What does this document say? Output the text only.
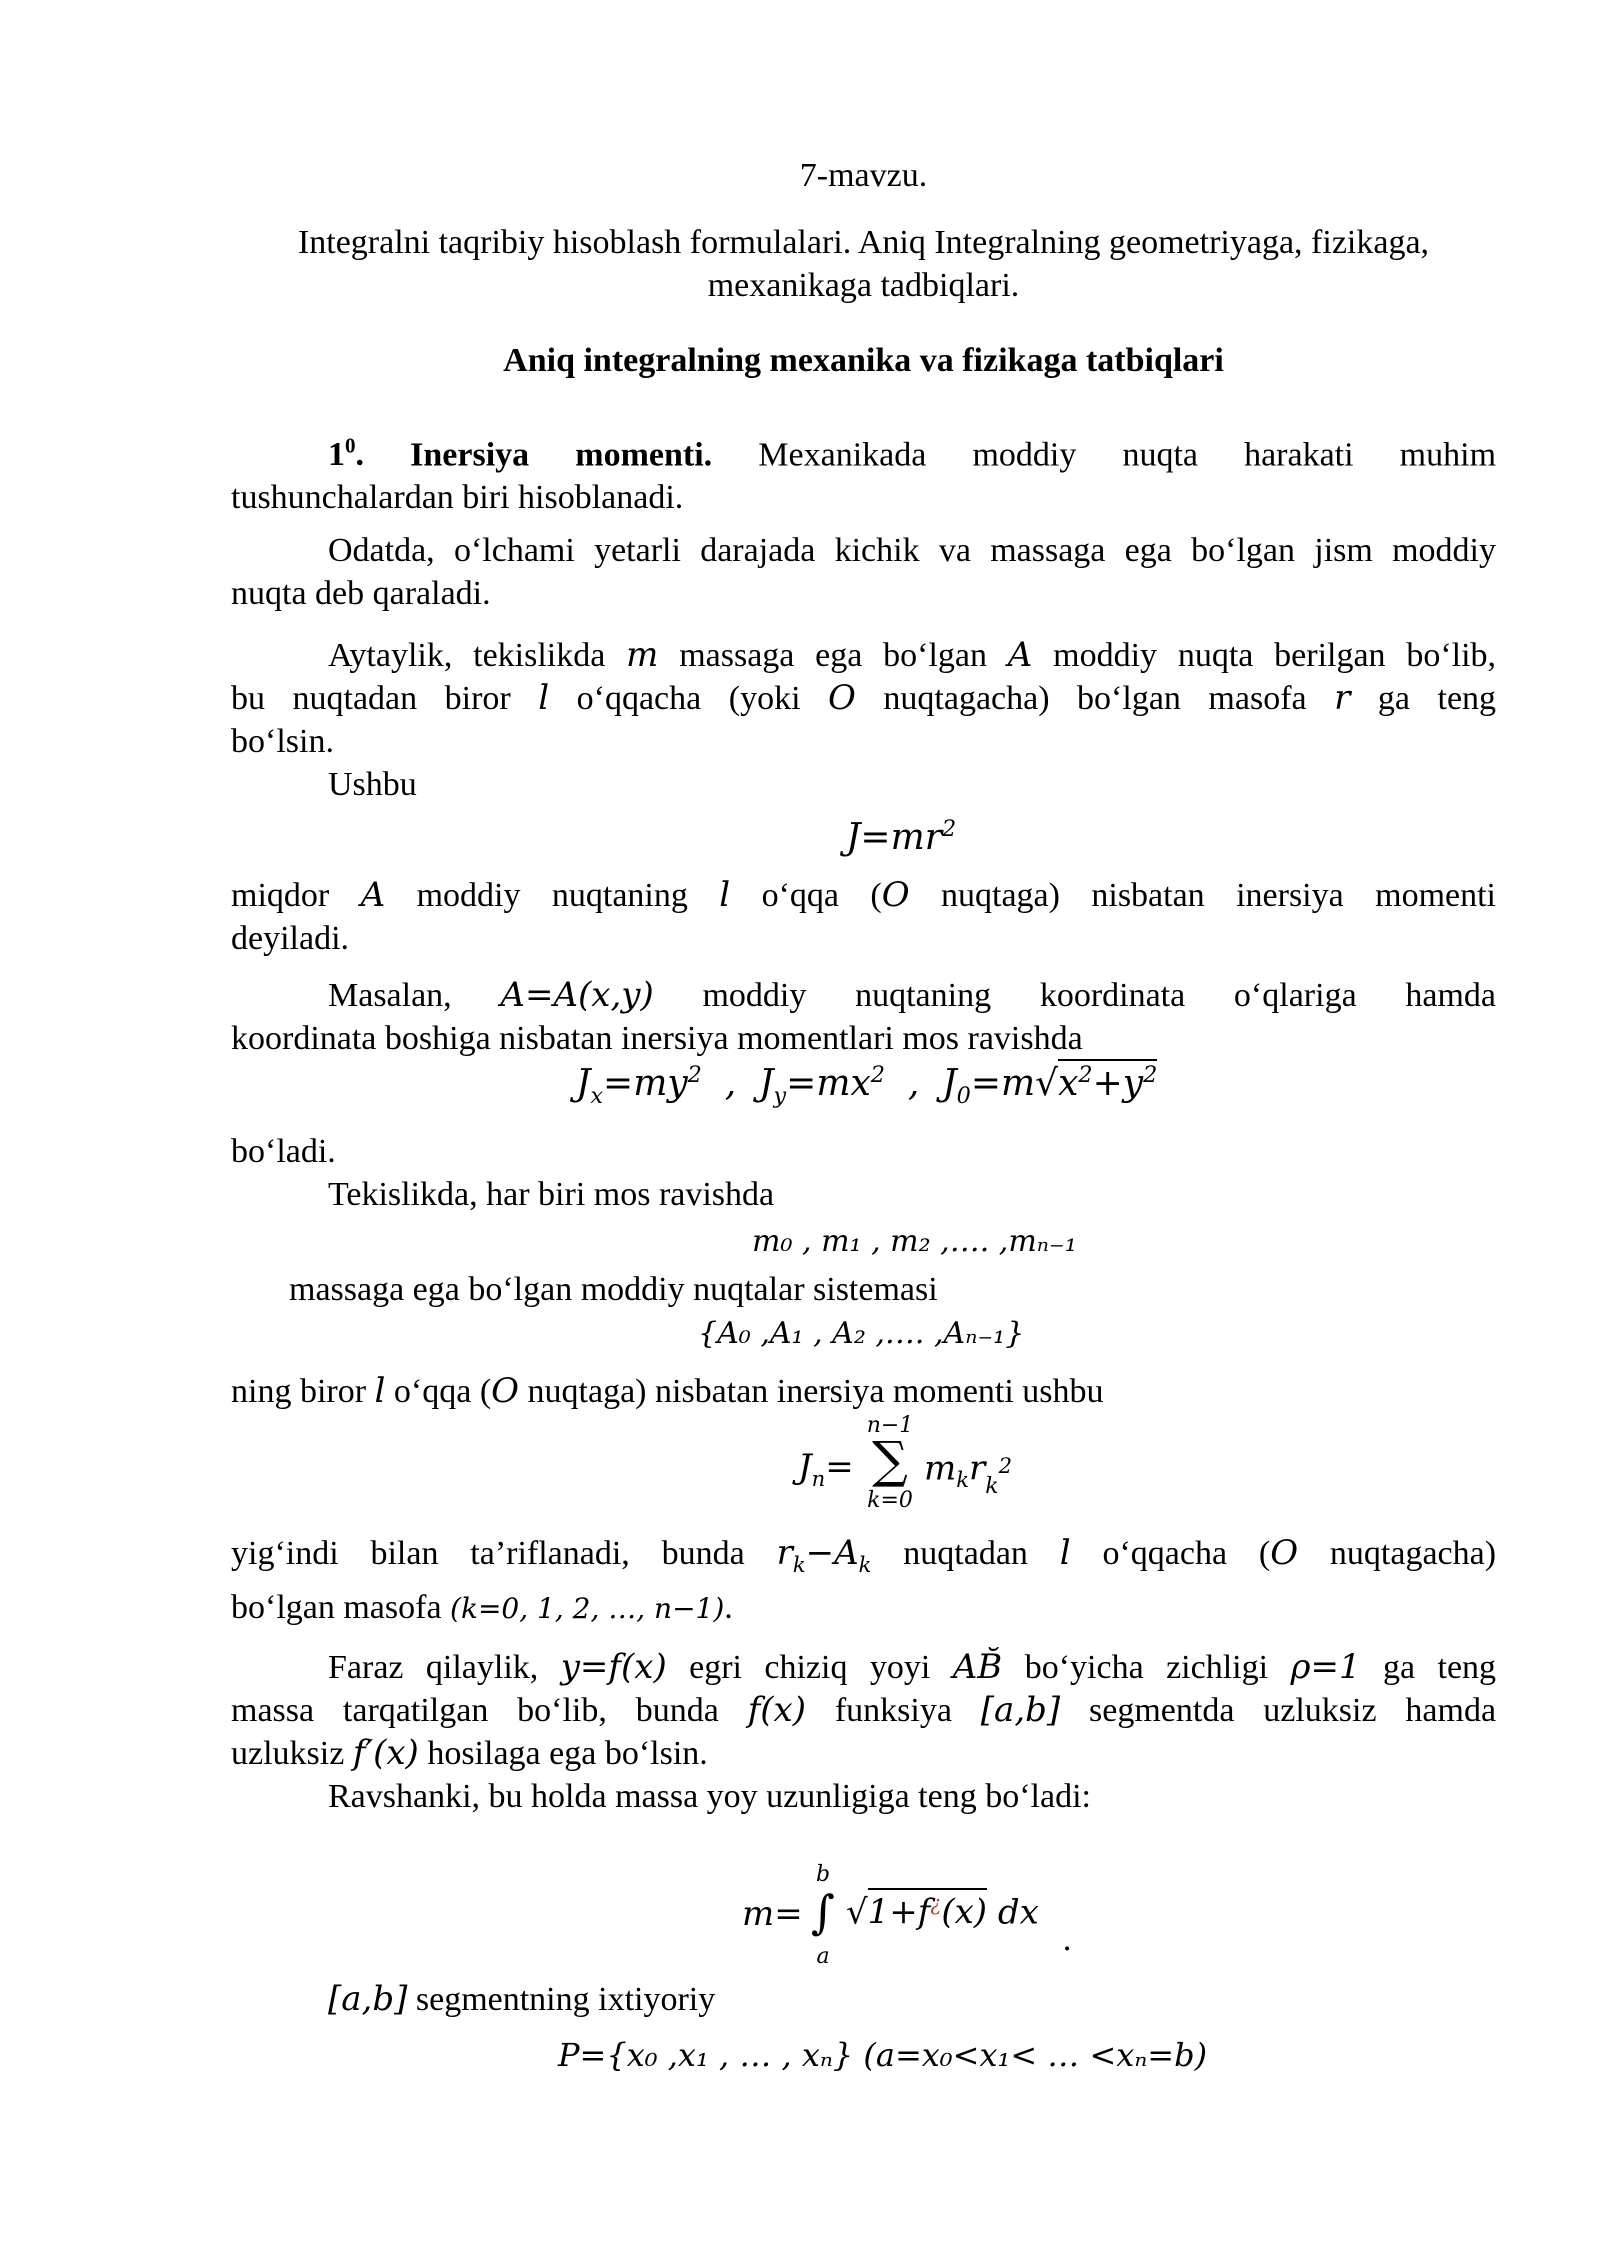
7-mavzu.
Integralni taqribiy hisoblash formulalari. Aniq Integralning geometriyaga, fizikaga,
mexanikaga tadbiqlari.
Aniq integralning mexanika va fizikaga tatbiqlari
$1^0$. Inersiya momenti. Mexanikada moddiy nuqta harakati muhim
tushunchalardan biri hisoblanadi.
Odatda, o‘lchami yetarli darajada kichik va massaga ega bo‘lgan jism moddiy
nuqta deb qaraladi.
Aytaylik, tekislikda m massaga ega bo‘lgan A moddiy nuqta berilgan bo‘lib,
bu nuqtadan biror l o‘qqacha (yoki O nuqtagacha) bo‘lgan masofa r ga teng
bo‘lsin.
Ushbu
$J=mr^2$
miqdor A moddiy nuqtaning l o‘qqa (O nuqtaga) nisbatan inersiya momenti
deyiladi.
Masalan, A=A(x,y) moddiy nuqtaning koordinata o‘qlariga hamda
koordinata boshiga nisbatan inersiya momentlari mos ravishda
$J_x=my^2$ , $J_y=mx^2$ , $J_0=m√x^2+y^2$
bo‘ladi.
Tekislikda, har biri mos ravishda
m₀ , m₁ , m₂ ,…. ,mₙ₋₁
massaga ega bo‘lgan moddiy nuqtalar sistemasi
{A₀ ,A₁ , A₂ ,…. ,Aₙ₋₁}
ning biror l o‘qqa (O nuqtaga) nisbatan inersiya momenti ushbu
$J_n=$
n−1
∑
k=0
$m_kr_k^2$
yig‘indi bilan ta’riflanadi, bunda $r_k-A_k$ nuqtadan l o‘qqacha (O nuqtagacha)
bo‘lgan masofa (k=0, 1, 2, …, n−1).
Faraz qilaylik, y=f(x) egri chiziq yoyi AB̆ bo‘yicha zichligi ρ=1 ga teng
massa tarqatilgan bo‘lib, bunda f(x) funksiya [a,b] segmentda uzluksiz hamda
uzluksiz f′(x) hosilaga ega bo‘lsin.
Ravshanki, bu holda massa yoy uzunligiga teng bo‘ladi:
m=
b
∫
a
√1+f¿(x) dx
.
[a,b] segmentning ixtiyoriy
P={x₀ ,x₁ , … , xₙ} (a=x₀<x₁< … <xₙ=b)
